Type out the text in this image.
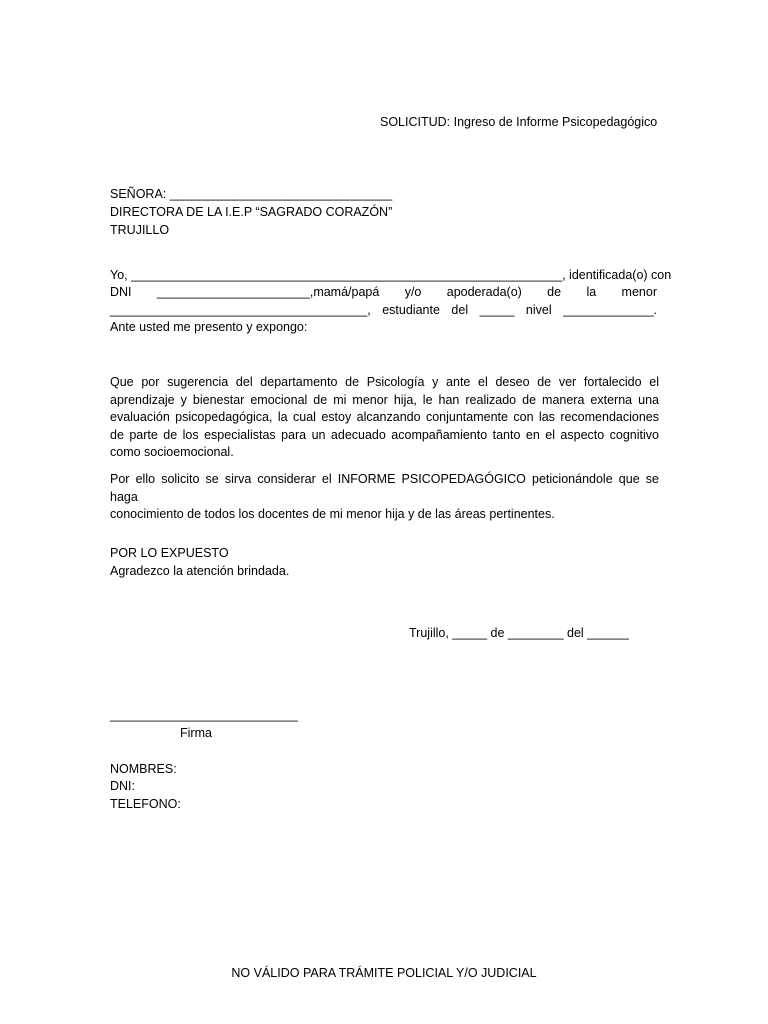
SOLICITUD: Ingreso de Informe Psicopedagógico
SEÑORA: ________________________________
DIRECTORA DE LA I.E.P “SAGRADO CORAZÓN”
TRUJILLO
Yo, ______________________________________________________________, identificada(o) con
DNI   ______________________,mamá/papá   y/o   apoderada(o)   de   la   menor
_____________________________________,   estudiante   del   _____   nivel   _____________.
Ante usted me presento y expongo:
Que por sugerencia del departamento de Psicología y ante el deseo de ver fortalecido el
aprendizaje y bienestar emocional de mi menor hija, le han realizado de manera externa una
evaluación psicopedagógica, la cual estoy alcanzando conjuntamente con las recomendaciones
de parte de los especialistas para un adecuado acompañamiento tanto en el aspecto cognitivo
como socioemocional.
Por ello solicito se sirva considerar el INFORME PSICOPEDAGÓGICO peticionándole que se haga
conocimiento de todos los docentes de mi menor hija y de las áreas pertinentes.
POR LO EXPUESTO
Agradezco la atención brindada.
Trujillo, _____ de ________ del ______
___________________________
Firma
NOMBRES:
DNI:
TELEFONO:
NO VÁLIDO PARA TRÁMITE POLICIAL Y/O JUDICIAL
